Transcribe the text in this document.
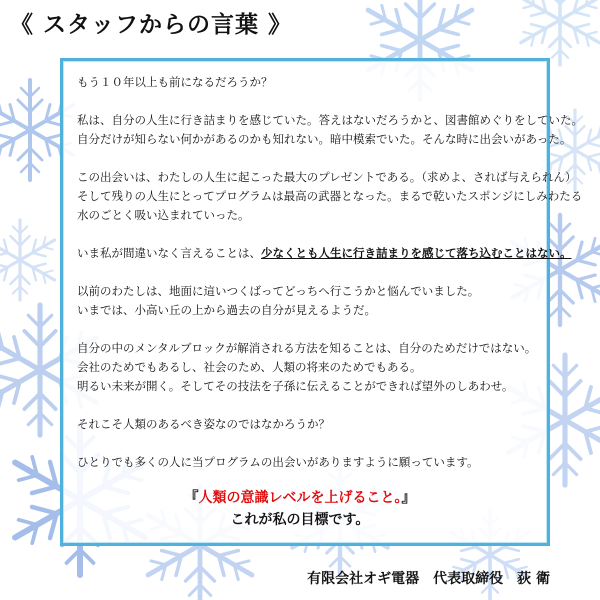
《 スタッフからの言葉 》

もう１０年以上も前になるだろうか？

私は、自分の人生に行き詰まりを感じていた。答えはないだろうかと、図書館めぐりをしていた。
自分だけが知らない何かがあるのかも知れない。暗中模索でいた。そんな時に出会いがあった。

この出会いは、わたしの人生に起こった最大のプレゼントである。（求めよ、されば与えられん）
そして残りの人生にとってプログラムは最高の武器となった。まるで乾いたスポンジにしみわたる
水のごとく吸い込まれていった。

いま私が間違いなく言えることは、少なくとも人生に行き詰まりを感じて落ち込むことはない。

以前のわたしは、地面に這いつくばってどっちへ行こうかと悩んでいました。
いまでは、小高い丘の上から過去の自分が見えるようだ。

自分の中のメンタルブロックが解消される方法を知ることは、自分のためだけではない。
会社のためでもあるし、社会のため、人類の将来のためでもある。
明るい未来が開く。そしてその技法を子孫に伝えることができれば望外のしあわせ。

それこそ人類のあるべき姿なのではなかろうか？

ひとりでも多くの人に当プログラムの出会いがありますように願っています。

『人類の意識レベルを上げること。』
これが私の目標です。
有限会社オギ電器 代表取締役 荻 衛
